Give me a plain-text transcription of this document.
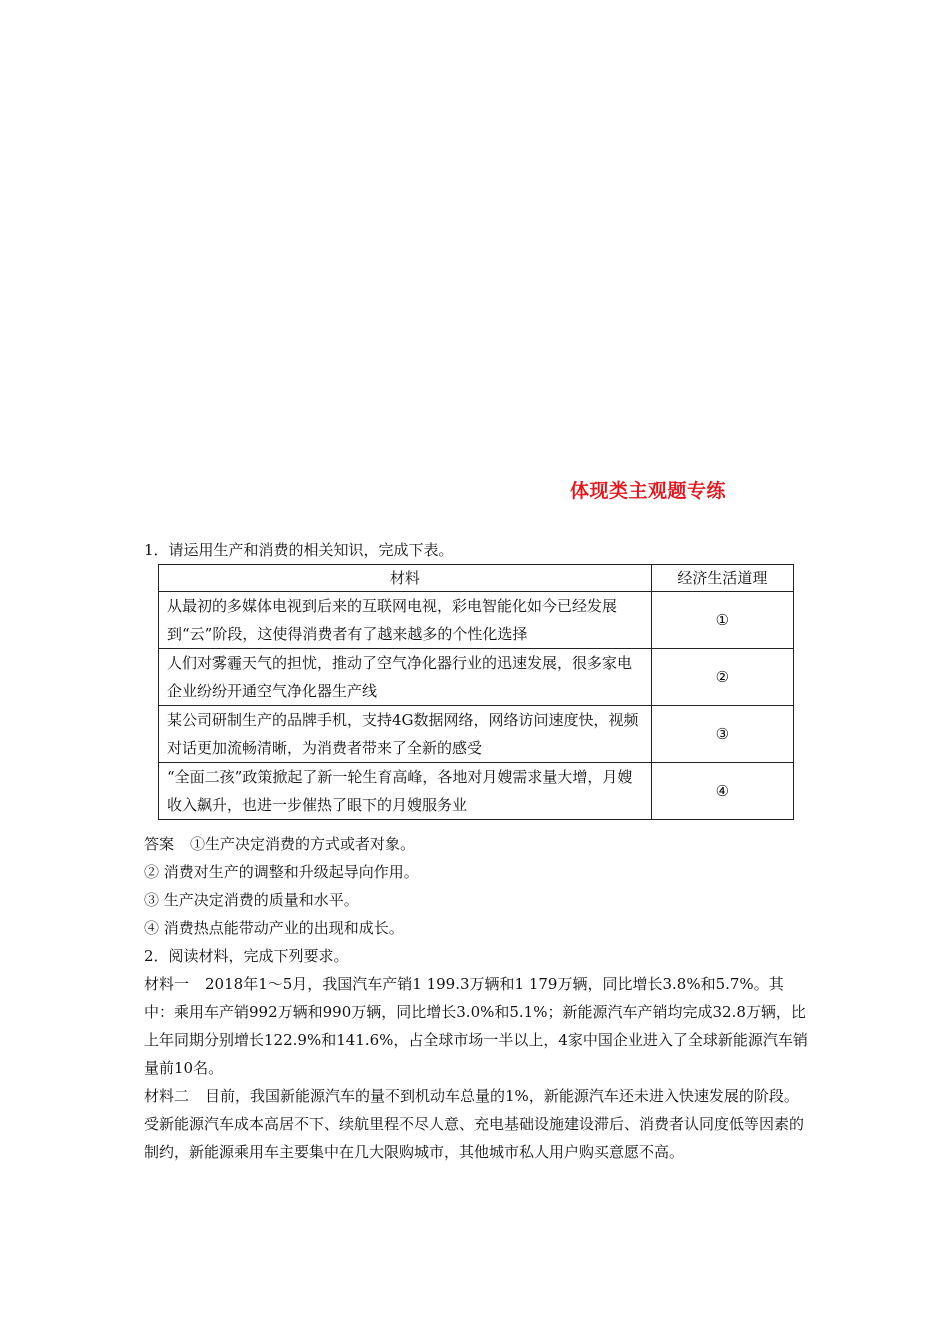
体现类主观题专练

1．请运用生产和消费的相关知识，完成下表。

材料	经济生活道理
从最初的多媒体电视到后来的互联网电视，彩电智能化如今已经发展到“云”阶段，这使得消费者有了越来越多的个性化选择	①
人们对雾霾天气的担忧，推动了空气净化器行业的迅速发展，很多家电企业纷纷开通空气净化器生产线	②
某公司研制生产的品牌手机，支持4G数据网络，网络访问速度快，视频对话更加流畅清晰，为消费者带来了全新的感受	③
“全面二孩”政策掀起了新一轮生育高峰，各地对月嫂需求量大增，月嫂收入飙升，也进一步催热了眼下的月嫂服务业	④

答案 ①生产决定消费的方式或者对象。

② 消费对生产的调整和升级起导向作用。

③ 生产决定消费的质量和水平。

④ 消费热点能带动产业的出现和成长。

2．阅读材料，完成下列要求。

材料一 2018年1～5月，我国汽车产销1 199.3万辆和1 179万辆，同比增长3.8%和5.7%。其中：乘用车产销992万辆和990万辆，同比增长3.0%和5.1%；新能源汽车产销均完成32.8万辆，比上年同期分别增长122.9%和141.6%，占全球市场一半以上，4家中国企业进入了全球新能源汽车销量前10名。

材料二 目前，我国新能源汽车的量不到机动车总量的1%，新能源汽车还未进入快速发展的阶段。受新能源汽车成本高居不下、续航里程不尽人意、充电基础设施建设滞后、消费者认同度低等因素的制约，新能源乘用车主要集中在几大限购城市，其他城市私人用户购买意愿不高。
